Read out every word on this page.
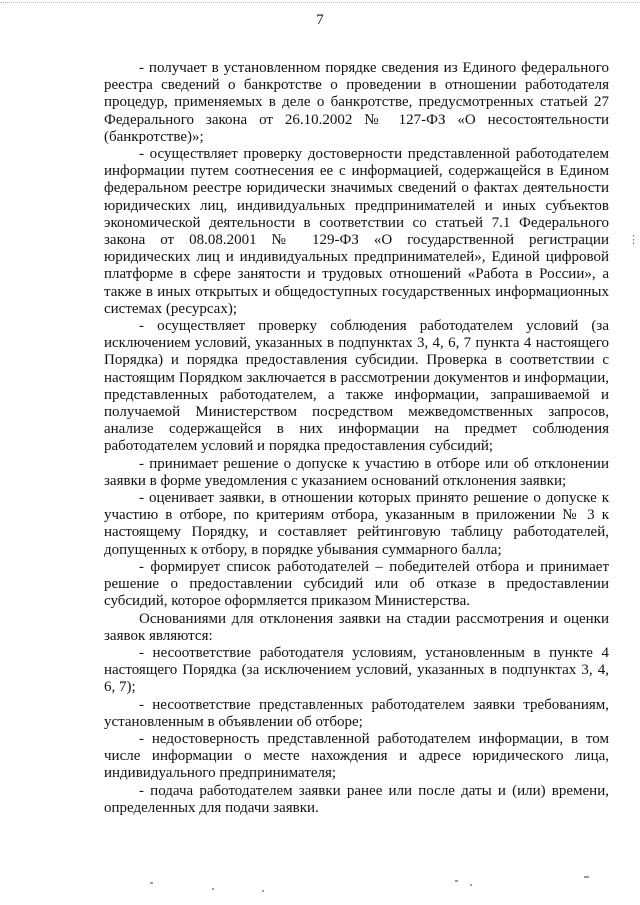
7

- получает в установленном порядке сведения из Единого федерального реестра сведений о банкротстве о проведении в отношении работодателя процедур, применяемых в деле о банкротстве, предусмотренных статьей 27 Федерального закона от 26.10.2002 № 127-ФЗ «О несостоятельности (банкротстве)»;

- осуществляет проверку достоверности представленной работодателем информации путем соотнесения ее с информацией, содержащейся в Едином федеральном реестре юридически значимых сведений о фактах деятельности юридических лиц, индивидуальных предпринимателей и иных субъектов экономической деятельности в соответствии со статьей 7.1 Федерального закона от 08.08.2001 № 129-ФЗ «О государственной регистрации юридических лиц и индивидуальных предпринимателей», Единой цифровой платформе в сфере занятости и трудовых отношений «Работа в России», а также в иных открытых и общедоступных государственных информационных системах (ресурсах);

- осуществляет проверку соблюдения работодателем условий (за исключением условий, указанных в подпунктах 3, 4, 6, 7 пункта 4 настоящего Порядка) и порядка предоставления субсидии. Проверка в соответствии с настоящим Порядком заключается в рассмотрении документов и информации, представленных работодателем, а также информации, запрашиваемой и получаемой Министерством посредством межведомственных запросов, анализе содержащейся в них информации на предмет соблюдения работодателем условий и порядка предоставления субсидий;

- принимает решение о допуске к участию в отборе или об отклонении заявки в форме уведомления с указанием оснований отклонения заявки;

- оценивает заявки, в отношении которых принято решение о допуске к участию в отборе, по критериям отбора, указанным в приложении № 3 к настоящему Порядку, и составляет рейтинговую таблицу работодателей, допущенных к отбору, в порядке убывания суммарного балла;

- формирует список работодателей – победителей отбора и принимает решение о предоставлении субсидий или об отказе в предоставлении субсидий, которое оформляется приказом Министерства.

Основаниями для отклонения заявки на стадии рассмотрения и оценки заявок являются:

- несоответствие работодателя условиям, установленным в пункте 4 настоящего Порядка (за исключением условий, указанных в подпунктах 3, 4, 6, 7);

- несоответствие представленных работодателем заявки требованиям, установленным в объявлении об отборе;

- недостоверность представленной работодателем информации, в том числе информации о месте нахождения и адресе юридического лица, индивидуального предпринимателя;

- подача работодателем заявки ранее или после даты и (или) времени, определенных для подачи заявки.

⋮
